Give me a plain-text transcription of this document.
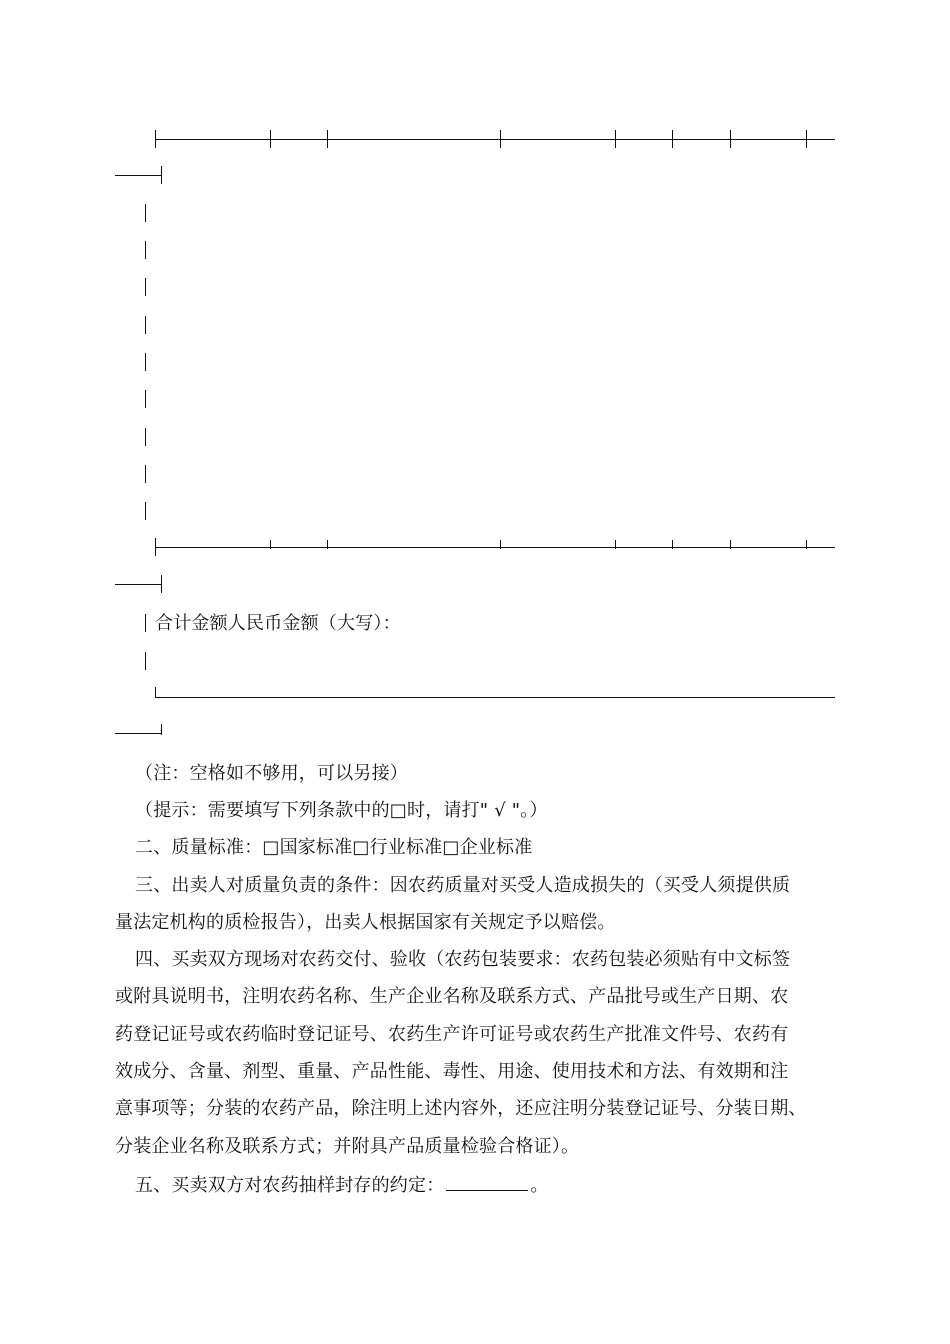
合计金额人民币金额（大写）：
（注：空格如不够用，可以另接）
（提示：需要填写下列条款中的□时，请打" √ "。）
二、质量标准：□国家标准□行业标准□企业标准
三、出卖人对质量负责的条件：因农药质量对买受人造成损失的（买受人须提供质
量法定机构的质检报告），出卖人根据国家有关规定予以赔偿。
四、买卖双方现场对农药交付、验收（农药包装要求：农药包装必须贴有中文标签
或附具说明书，注明农药名称、生产企业名称及联系方式、产品批号或生产日期、农
药登记证号或农药临时登记证号、农药生产许可证号或农药生产批准文件号、农药有
效成分、含量、剂型、重量、产品性能、毒性、用途、使用技术和方法、有效期和注
意事项等；分装的农药产品，除注明上述内容外，还应注明分装登记证号、分装日期、
分装企业名称及联系方式；并附具产品质量检验合格证）。
五、买卖双方对农药抽样封存的约定：	。
